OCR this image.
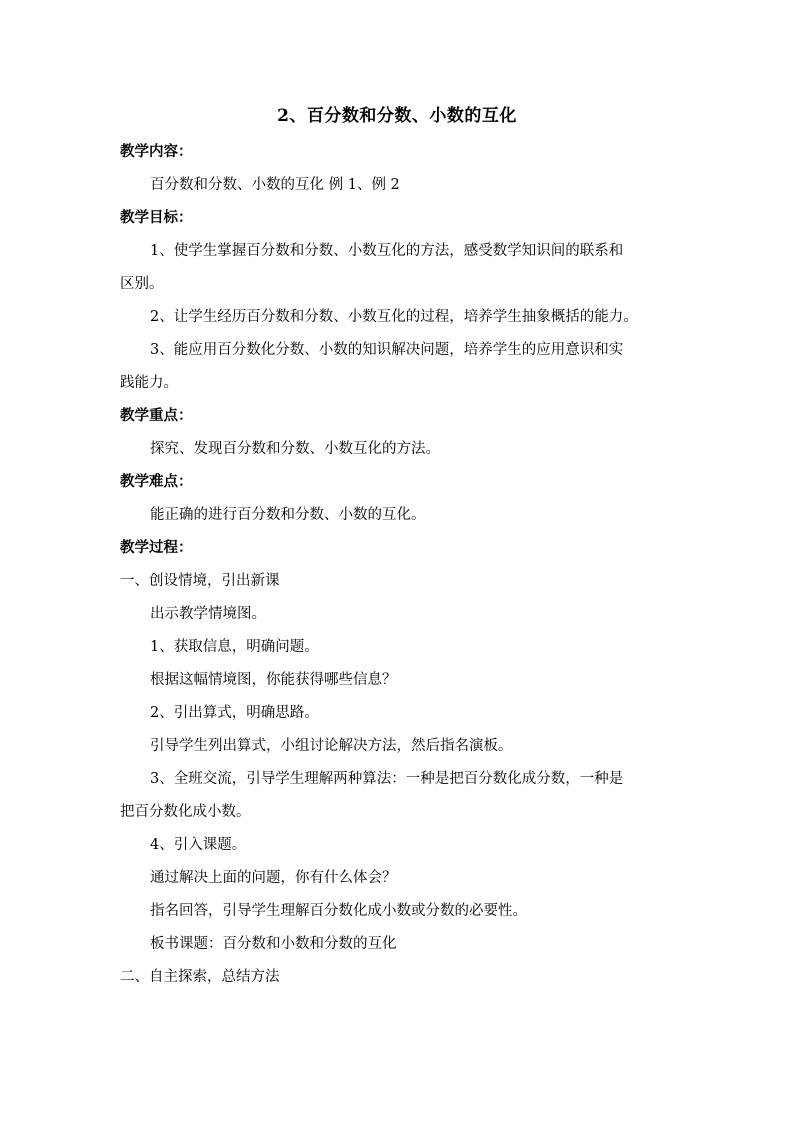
2、百分数和分数、小数的互化
教学内容：
百分数和分数、小数的互化 例 1、例 2
教学目标：
1、使学生掌握百分数和分数、小数互化的方法，感受数学知识间的联系和
区别。
2、让学生经历百分数和分数、小数互化的过程，培养学生抽象概括的能力。
3、能应用百分数化分数、小数的知识解决问题，培养学生的应用意识和实
践能力。
教学重点：
探究、发现百分数和分数、小数互化的方法。
教学难点：
能正确的进行百分数和分数、小数的互化。
教学过程：
一、创设情境，引出新课
出示教学情境图。
1、获取信息，明确问题。
根据这幅情境图，你能获得哪些信息？
2、引出算式，明确思路。
引导学生列出算式，小组讨论解决方法，然后指名演板。
3、全班交流，引导学生理解两种算法：一种是把百分数化成分数，一种是
把百分数化成小数。
4、引入课题。
通过解决上面的问题，你有什么体会？
指名回答，引导学生理解百分数化成小数或分数的必要性。
板书课题：百分数和小数和分数的互化
二、自主探索，总结方法
